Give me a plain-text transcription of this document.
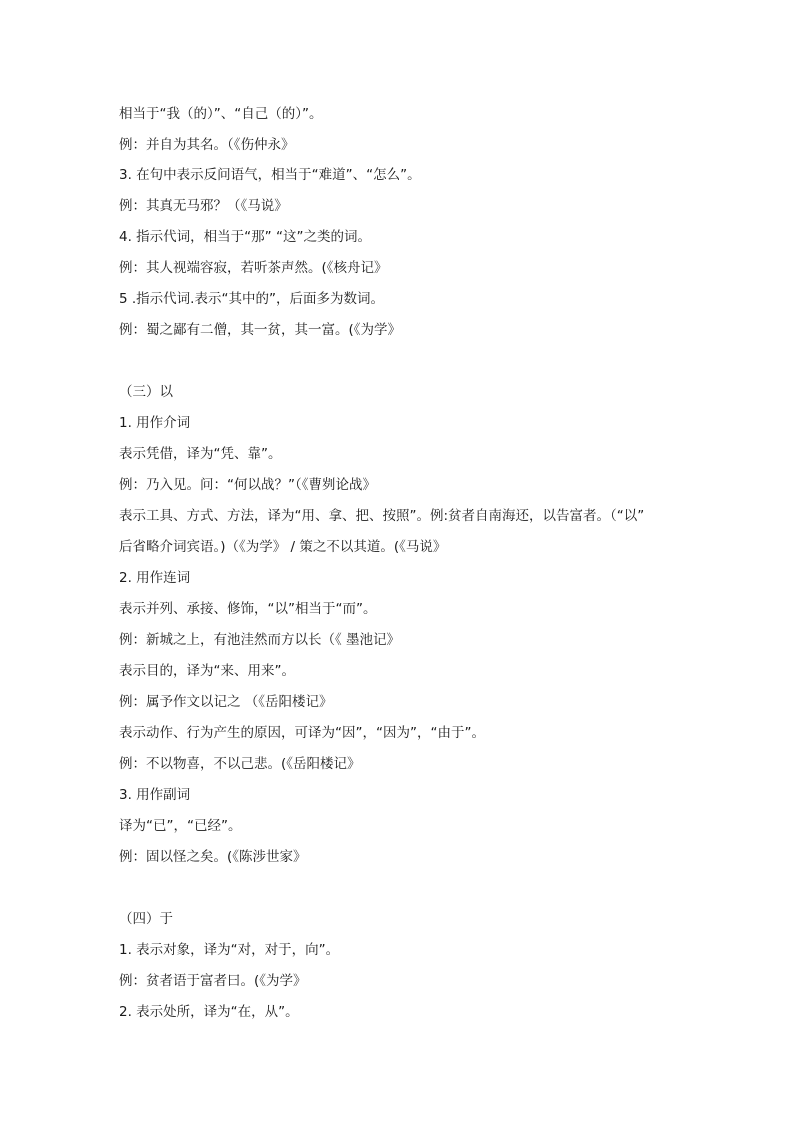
相当于“我（的）”、“自己（的）”。
例：并自为其名。（《伤仲永》
3. 在句中表示反问语气，相当于“难道”、“怎么”。
例：其真无马邪？（《马说》
4. 指示代词，相当于“那” “这”之类的词。
例：其人视端容寂，若听茶声然。(《核舟记》
5 .指示代词.表示“其中的”，后面多为数词。
例：蜀之鄙有二僧，其一贫，其一富。(《为学》
（三）以
1. 用作介词
表示凭借，译为“凭、靠”。
例：乃入见。问：“何以战？”（《曹刿论战》
表示工具、方式、方法，译为“用、拿、把、按照”。例:贫者自南海还，以告富者。（“以”
后省略介词宾语。)（《为学》 / 策之不以其道。(《马说》
2. 用作连词
表示并列、承接、修饰，“以”相当于“而”。
例：新城之上，有池洼然而方以长（《 墨池记》
表示目的，译为“来、用来”。
例：属予作文以记之 （《岳阳楼记》
表示动作、行为产生的原因，可译为“因”，“因为”，“由于”。
例：不以物喜，不以己悲。(《岳阳楼记》
3. 用作副词
译为“已”，“已经”。
例：固以怪之矣。(《陈涉世家》
（四）于
1. 表示对象，译为“对，对于，向”。
例：贫者语于富者曰。(《为学》
2. 表示处所，译为“在，从”。
